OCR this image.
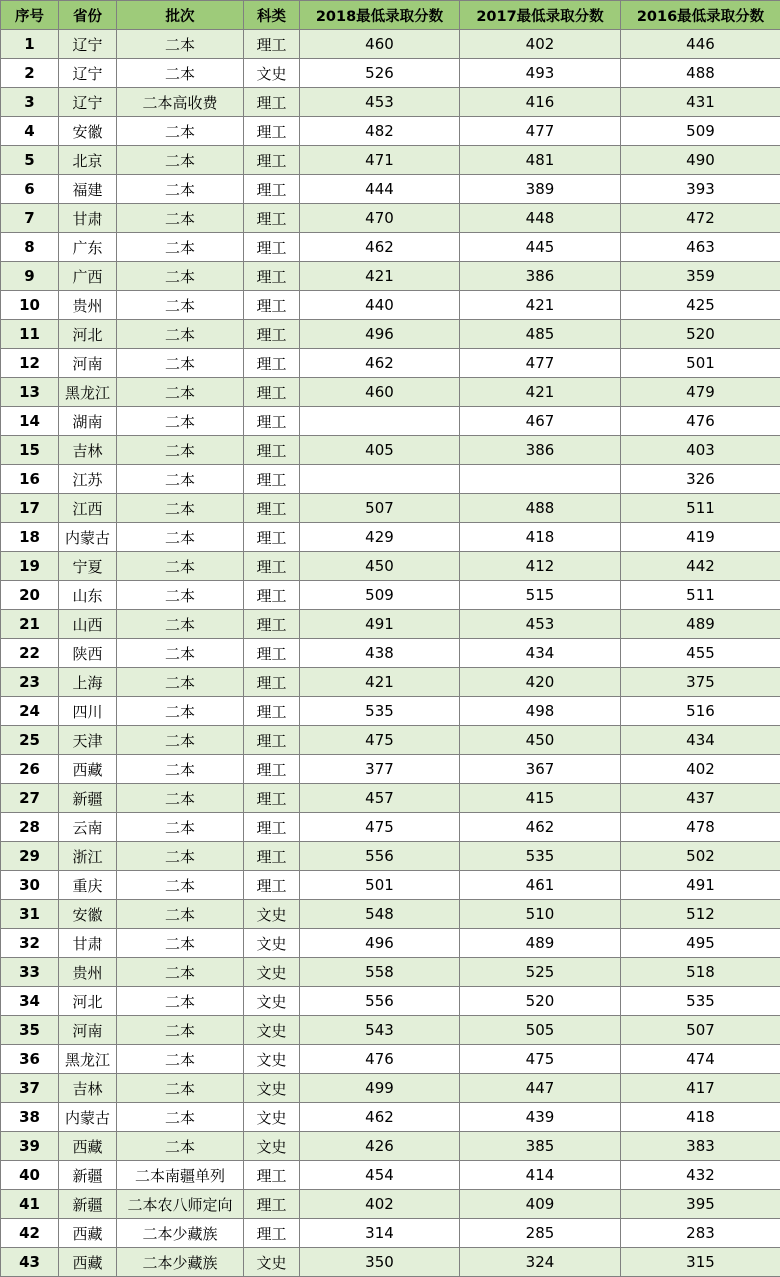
序号	省份	批次	科类	2018最低录取分数	2017最低录取分数	2016最低录取分数
1	辽宁	二本	理工	460	402	446
2	辽宁	二本	文史	526	493	488
3	辽宁	二本高收费	理工	453	416	431
4	安徽	二本	理工	482	477	509
5	北京	二本	理工	471	481	490
6	福建	二本	理工	444	389	393
7	甘肃	二本	理工	470	448	472
8	广东	二本	理工	462	445	463
9	广西	二本	理工	421	386	359
10	贵州	二本	理工	440	421	425
11	河北	二本	理工	496	485	520
12	河南	二本	理工	462	477	501
13	黑龙江	二本	理工	460	421	479
14	湖南	二本	理工		467	476
15	吉林	二本	理工	405	386	403
16	江苏	二本	理工			326
17	江西	二本	理工	507	488	511
18	内蒙古	二本	理工	429	418	419
19	宁夏	二本	理工	450	412	442
20	山东	二本	理工	509	515	511
21	山西	二本	理工	491	453	489
22	陕西	二本	理工	438	434	455
23	上海	二本	理工	421	420	375
24	四川	二本	理工	535	498	516
25	天津	二本	理工	475	450	434
26	西藏	二本	理工	377	367	402
27	新疆	二本	理工	457	415	437
28	云南	二本	理工	475	462	478
29	浙江	二本	理工	556	535	502
30	重庆	二本	理工	501	461	491
31	安徽	二本	文史	548	510	512
32	甘肃	二本	文史	496	489	495
33	贵州	二本	文史	558	525	518
34	河北	二本	文史	556	520	535
35	河南	二本	文史	543	505	507
36	黑龙江	二本	文史	476	475	474
37	吉林	二本	文史	499	447	417
38	内蒙古	二本	文史	462	439	418
39	西藏	二本	文史	426	385	383
40	新疆	二本南疆单列	理工	454	414	432
41	新疆	二本农八师定向	理工	402	409	395
42	西藏	二本少藏族	理工	314	285	283
43	西藏	二本少藏族	文史	350	324	315
